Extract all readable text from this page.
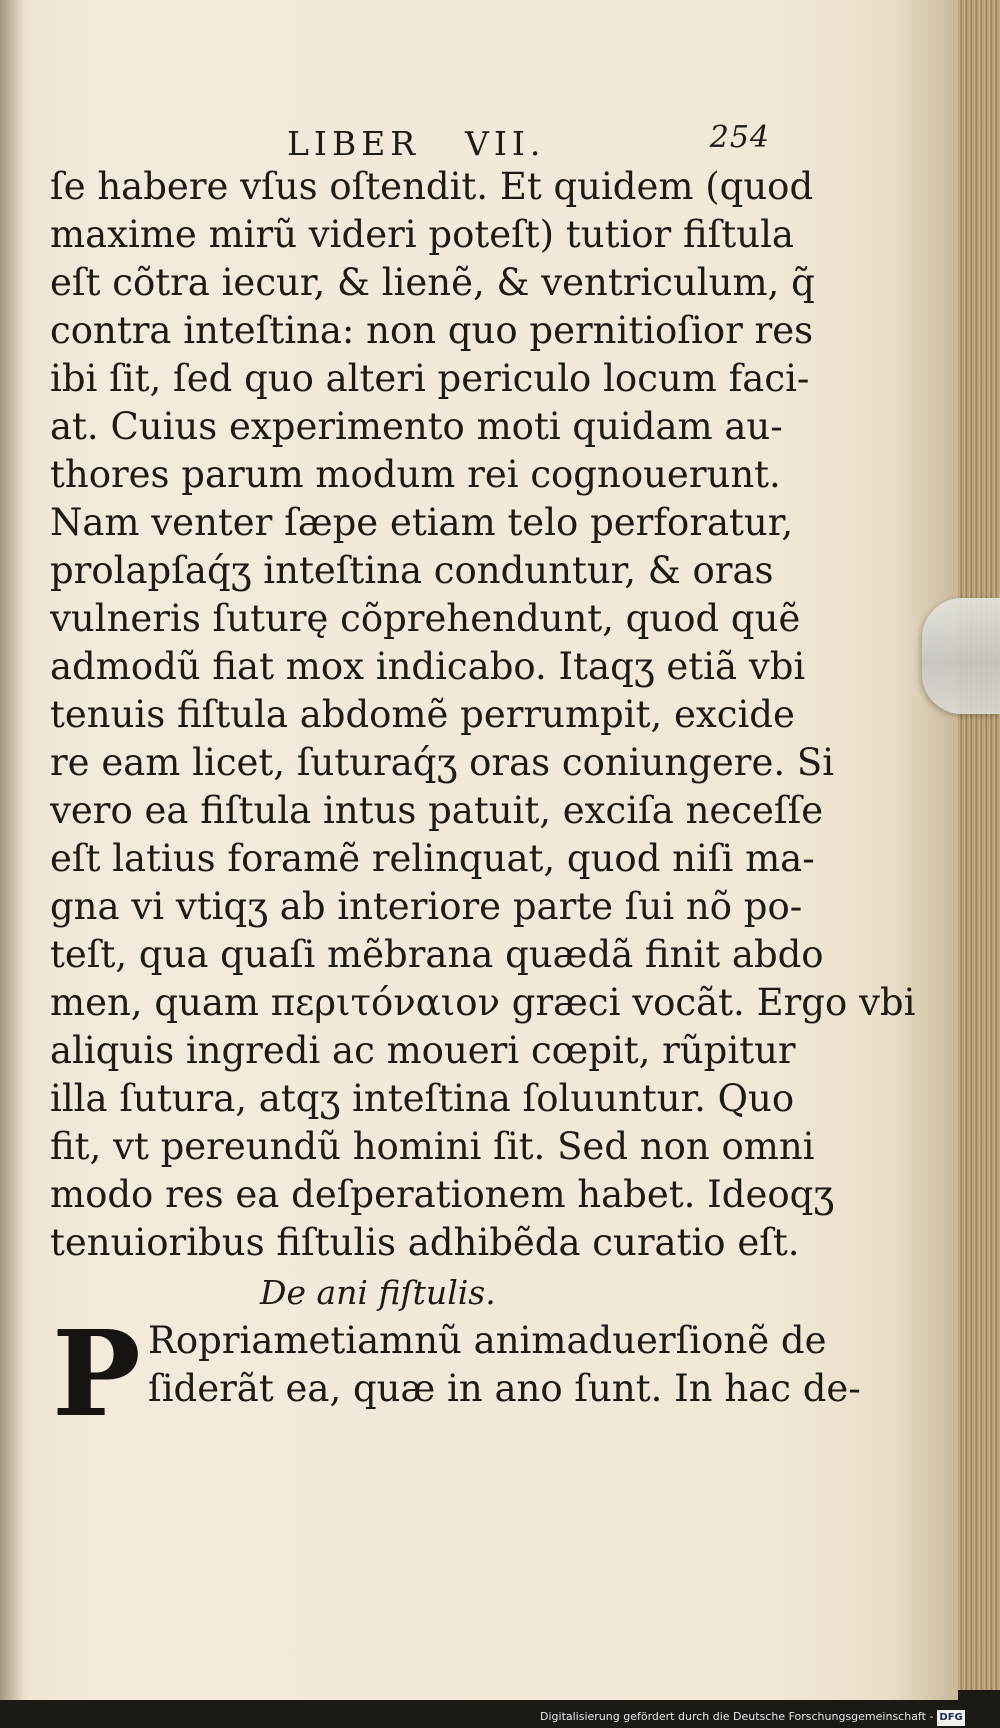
LIBER VII.	254
ſe habere vſus oſtendit. Et quidem (quod
maxime mirũ videri poteſt) tutior fiſtula
eſt cõtra iecur, & lienẽ, & ventriculum, q̃
contra inteſtina: non quo pernitioſior res
ibi ſit, ſed quo alteri periculo locum faci-
at. Cuius experimento moti quidam au-
thores parum modum rei cognouerunt.
Nam venter ſæpe etiam telo perforatur,
prolapſaq́ʒ inteſtina conduntur, & oras
vulneris ſuturę cõprehendunt, quod quẽ
admodũ fiat mox indicabo. Itaqʒ etiã vbi
tenuis fiſtula abdomẽ perrumpit, excide
re eam licet, ſuturaq́ʒ oras coniungere. Si
vero ea fiſtula intus patuit, exciſa neceſſe
eſt latius foramẽ relinquat, quod niſi ma-
gna vi vtiqʒ ab interiore parte ſui nõ po-
teſt, qua quaſi mẽbrana quædã finit abdo
men, quam περιτόναιον græci vocãt. Ergo vbi
aliquis ingredi ac moueri cœpit, rũpitur
illa ſutura, atqʒ inteſtina ſoluuntur. Quo
fit, vt pereundũ homini ſit. Sed non omni
modo res ea deſperationem habet. Ideoqʒ
tenuioribus fiſtulis adhibẽda curatio eſt.
De ani fiſtulis.
P Ropriametiamnũ animaduerſionẽ de
ſiderãt ea, quæ in ano ſunt. In hac de-
Digitalisierung gefördert durch die Deutsche Forschungsgemeinschaft - DFG
